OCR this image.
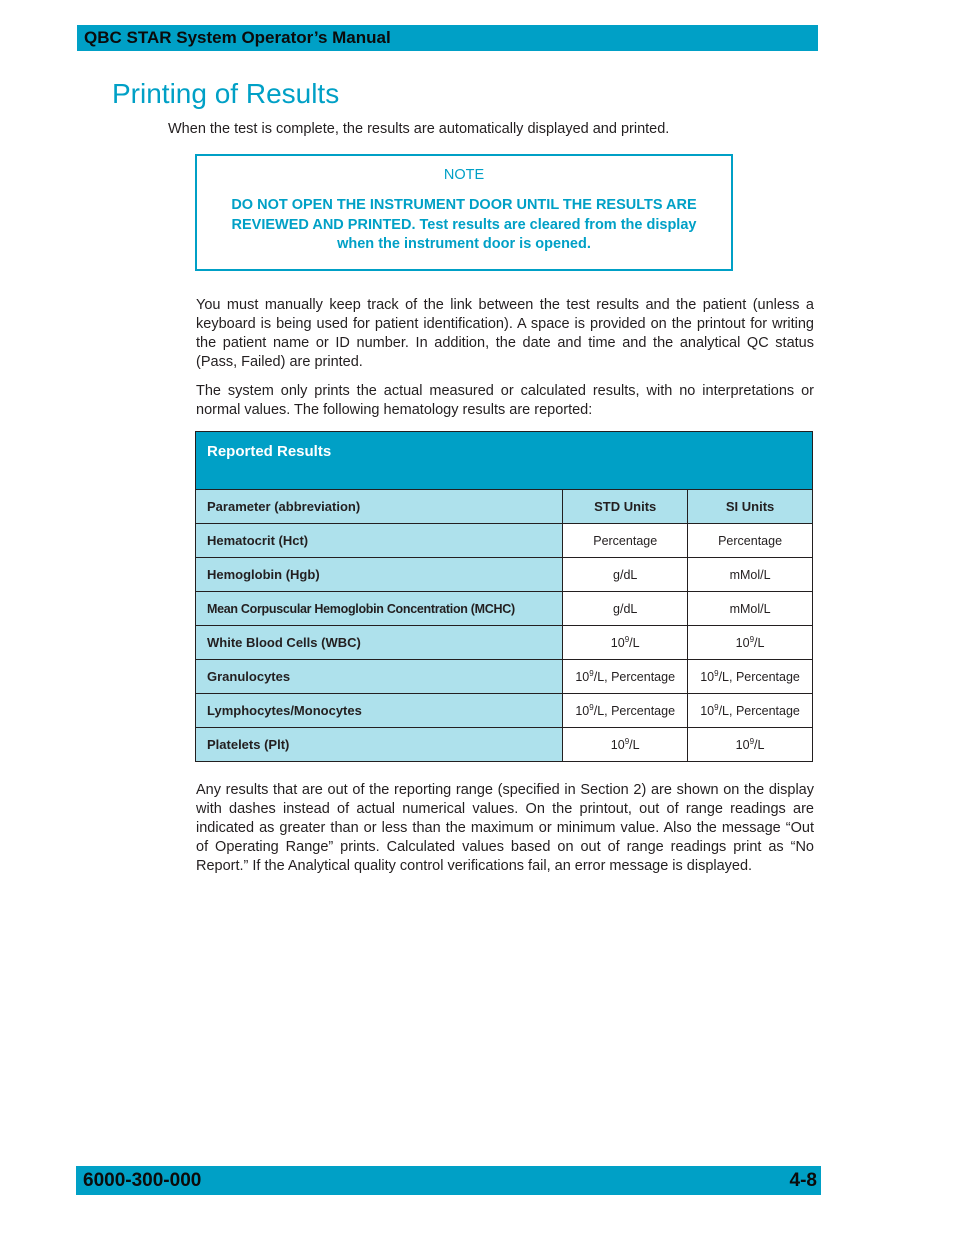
QBC STAR System Operator’s Manual
Printing of Results

When the test is complete, the results are automatically displayed and printed.

NOTE
DO NOT OPEN THE INSTRUMENT DOOR UNTIL THE RESULTS ARE REVIEWED AND PRINTED. Test results are cleared from the display when the instrument door is opened.

You must manually keep track of the link between the test results and the patient (unless a keyboard is being used for patient identification). A space is provided on the printout for writing the patient name or ID number. In addition, the date and time and the analytical QC status (Pass, Failed) are printed.

The system only prints the actual measured or calculated results, with no interpretations or normal values. The following hematology results are reported:

Reported Results		
Parameter (abbreviation)	STD Units	SI Units
Hematocrit (Hct)	Percentage	Percentage
Hemoglobin (Hgb)	g/dL	mMol/L
Mean Corpuscular Hemoglobin Concentration (MCHC)	g/dL	mMol/L
White Blood Cells (WBC)	$10^9/L$	$10^9/L$
Granulocytes	$10^9/L$, Percentage	$10^9/L$, Percentage
Lymphocytes/Monocytes	$10^9/L$, Percentage	$10^9/L$, Percentage
Platelets (Plt)	$10^9/L$	$10^9/L$

Any results that are out of the reporting range (specified in Section 2) are shown on the display with dashes instead of actual numerical values. On the printout, out of range readings are indicated as greater than or less than the maximum or minimum value. Also the message “Out of Operating Range” prints. Calculated values based on out of range readings print as “No Report.” If the Analytical quality control verifications fail, an error message is displayed.

6000-300-000	4-8
